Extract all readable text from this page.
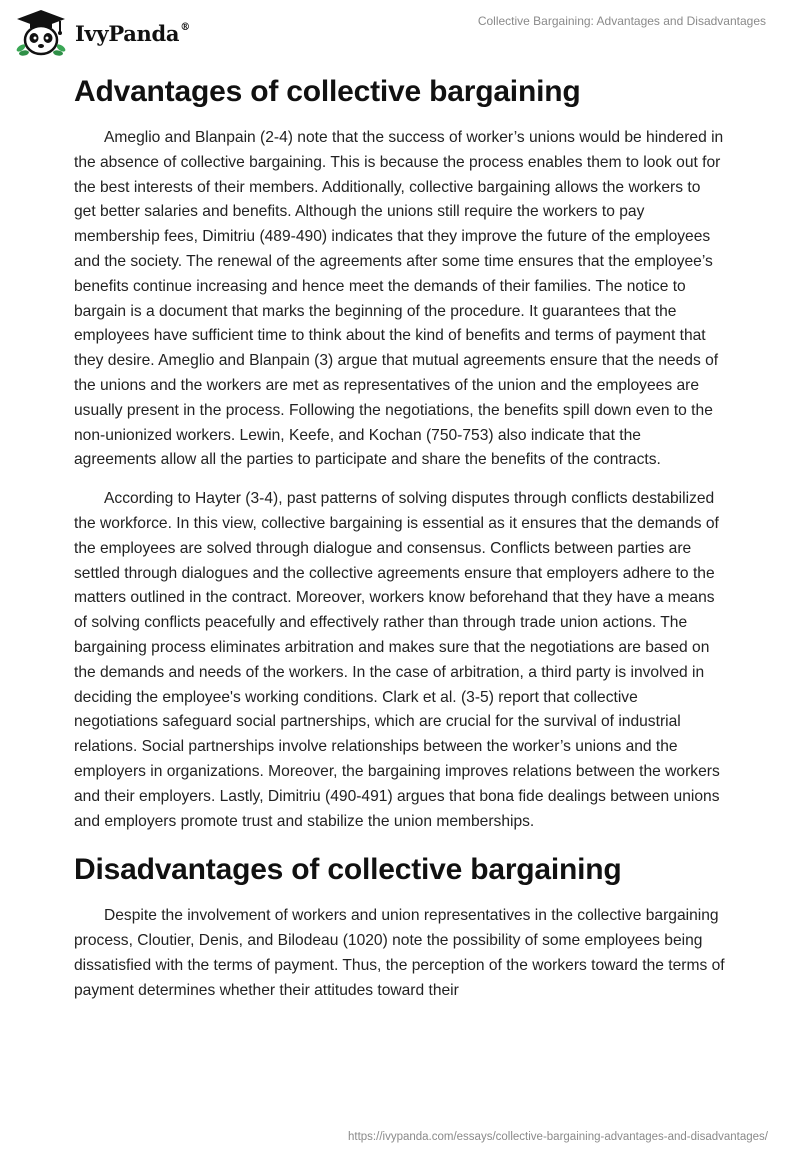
IvyPanda®	Collective Bargaining: Advantages and Disadvantages
Advantages of collective bargaining

Ameglio and Blanpain (2-4) note that the success of worker’s unions would be hindered in the absence of collective bargaining. This is because the process enables them to look out for the best interests of their members. Additionally, collective bargaining allows the workers to get better salaries and benefits. Although the unions still require the workers to pay membership fees, Dimitriu (489-490) indicates that they improve the future of the employees and the society. The renewal of the agreements after some time ensures that the employee’s benefits continue increasing and hence meet the demands of their families. The notice to bargain is a document that marks the beginning of the procedure. It guarantees that the employees have sufficient time to think about the kind of benefits and terms of payment that they desire. Ameglio and Blanpain (3) argue that mutual agreements ensure that the needs of the unions and the workers are met as representatives of the union and the employees are usually present in the process. Following the negotiations, the benefits spill down even to the non-unionized workers. Lewin, Keefe, and Kochan (750-753) also indicate that the agreements allow all the parties to participate and share the benefits of the contracts.

According to Hayter (3-4), past patterns of solving disputes through conflicts destabilized the workforce. In this view, collective bargaining is essential as it ensures that the demands of the employees are solved through dialogue and consensus. Conflicts between parties are settled through dialogues and the collective agreements ensure that employers adhere to the matters outlined in the contract. Moreover, workers know beforehand that they have a means of solving conflicts peacefully and effectively rather than through trade union actions. The bargaining process eliminates arbitration and makes sure that the negotiations are based on the demands and needs of the workers. In the case of arbitration, a third party is involved in deciding the employee's working conditions. Clark et al. (3-5) report that collective negotiations safeguard social partnerships, which are crucial for the survival of industrial relations. Social partnerships involve relationships between the worker’s unions and the employers in organizations. Moreover, the bargaining improves relations between the workers and their employers. Lastly, Dimitriu (490-491) argues that bona fide dealings between unions and employers promote trust and stabilize the union memberships.

Disadvantages of collective bargaining

Despite the involvement of workers and union representatives in the collective bargaining process, Cloutier, Denis, and Bilodeau (1020) note the possibility of some employees being dissatisfied with the terms of payment. Thus, the perception of the workers toward the terms of payment determines whether their attitudes toward their

https://ivypanda.com/essays/collective-bargaining-advantages-and-disadvantages/
